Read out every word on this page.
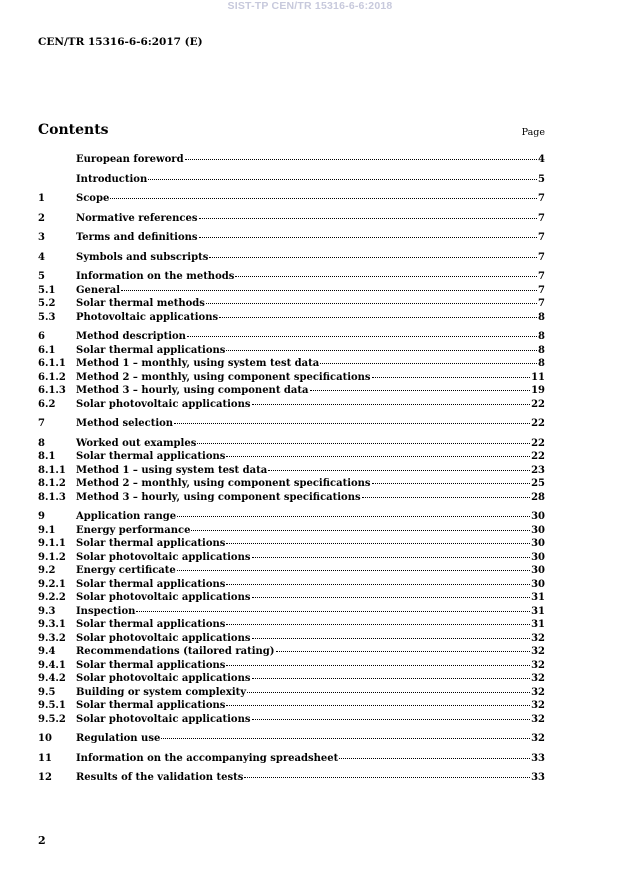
SIST-TP CEN/TR 15316-6-6:2018
CEN/TR 15316-6-6:2017 (E)
Contents	Page
European foreword	4
Introduction	5
1	Scope	7
2	Normative references	7
3	Terms and definitions	7
4	Symbols and subscripts	7
5	Information on the methods	7
5.1	General	7
5.2	Solar thermal methods	7
5.3	Photovoltaic applications	8
6	Method description	8
6.1	Solar thermal applications	8
6.1.1	Method 1 – monthly, using system test data	8
6.1.2	Method 2 – monthly, using component specifications	11
6.1.3	Method 3 – hourly, using component data	19
6.2	Solar photovoltaic applications	22
7	Method selection	22
8	Worked out examples	22
8.1	Solar thermal applications	22
8.1.1	Method 1 – using system test data	23
8.1.2	Method 2 – monthly, using component specifications	25
8.1.3	Method 3 – hourly, using component specifications	28
9	Application range	30
9.1	Energy performance	30
9.1.1	Solar thermal applications	30
9.1.2	Solar photovoltaic applications	30
9.2	Energy certificate	30
9.2.1	Solar thermal applications	30
9.2.2	Solar photovoltaic applications	31
9.3	Inspection	31
9.3.1	Solar thermal applications	31
9.3.2	Solar photovoltaic applications	32
9.4	Recommendations (tailored rating)	32
9.4.1	Solar thermal applications	32
9.4.2	Solar photovoltaic applications	32
9.5	Building or system complexity	32
9.5.1	Solar thermal applications	32
9.5.2	Solar photovoltaic applications	32
10	Regulation use	32
11	Information on the accompanying spreadsheet	33
12	Results of the validation tests	33
2
